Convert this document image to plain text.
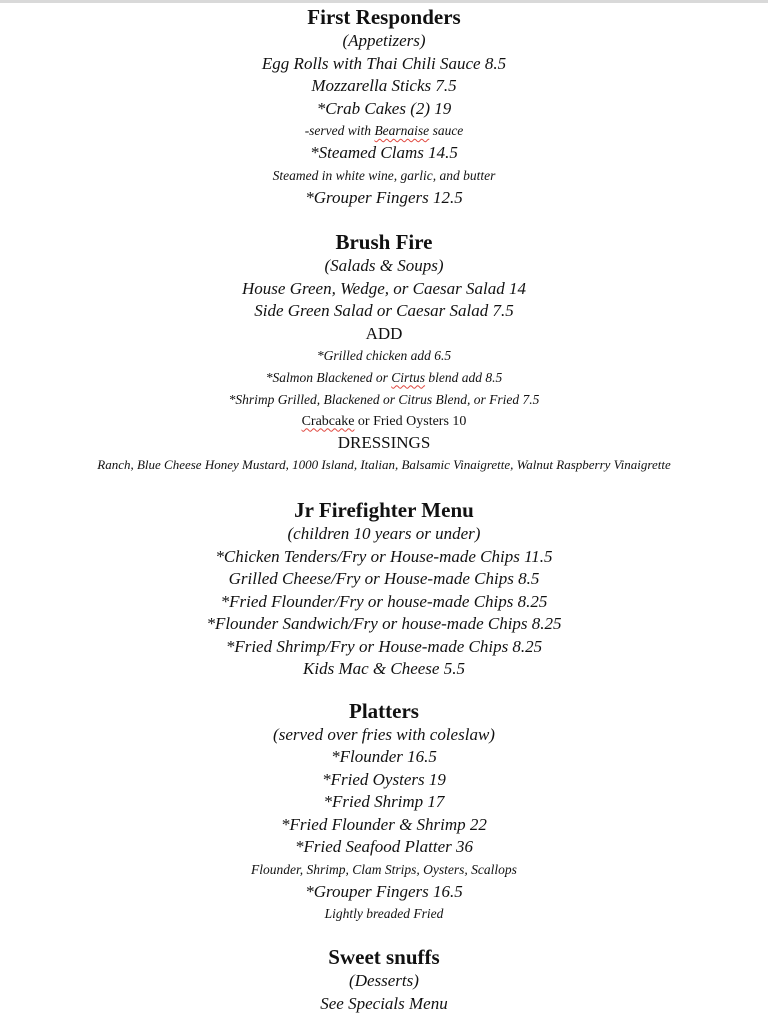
First Responders
(Appetizers)
Egg Rolls with Thai Chili Sauce 8.5
Mozzarella Sticks 7.5
*Crab Cakes (2) 19
-served with Bearnaise sauce
*Steamed Clams 14.5
Steamed in white wine, garlic, and butter
*Grouper Fingers 12.5
Brush Fire
(Salads & Soups)
House Green, Wedge, or Caesar Salad 14
Side Green Salad or Caesar Salad 7.5
ADD
*Grilled chicken add 6.5
*Salmon Blackened or Cirtus blend add 8.5
*Shrimp Grilled, Blackened or Citrus Blend, or Fried 7.5
Crabcake or Fried Oysters 10
DRESSINGS
Ranch, Blue Cheese Honey Mustard, 1000 Island, Italian, Balsamic Vinaigrette, Walnut Raspberry Vinaigrette
Jr Firefighter Menu
(children 10 years or under)
*Chicken Tenders/Fry or House-made Chips 11.5
Grilled Cheese/Fry or House-made Chips 8.5
*Fried Flounder/Fry or house-made Chips 8.25
*Flounder Sandwich/Fry or house-made Chips 8.25
*Fried Shrimp/Fry or House-made Chips 8.25
Kids Mac & Cheese 5.5
Platters
(served over fries with coleslaw)
*Flounder 16.5
*Fried Oysters 19
*Fried Shrimp 17
*Fried Flounder & Shrimp 22
*Fried Seafood Platter 36
Flounder, Shrimp, Clam Strips, Oysters, Scallops
*Grouper Fingers 16.5
Lightly breaded Fried
Sweet snuffs
(Desserts)
See Specials Menu
